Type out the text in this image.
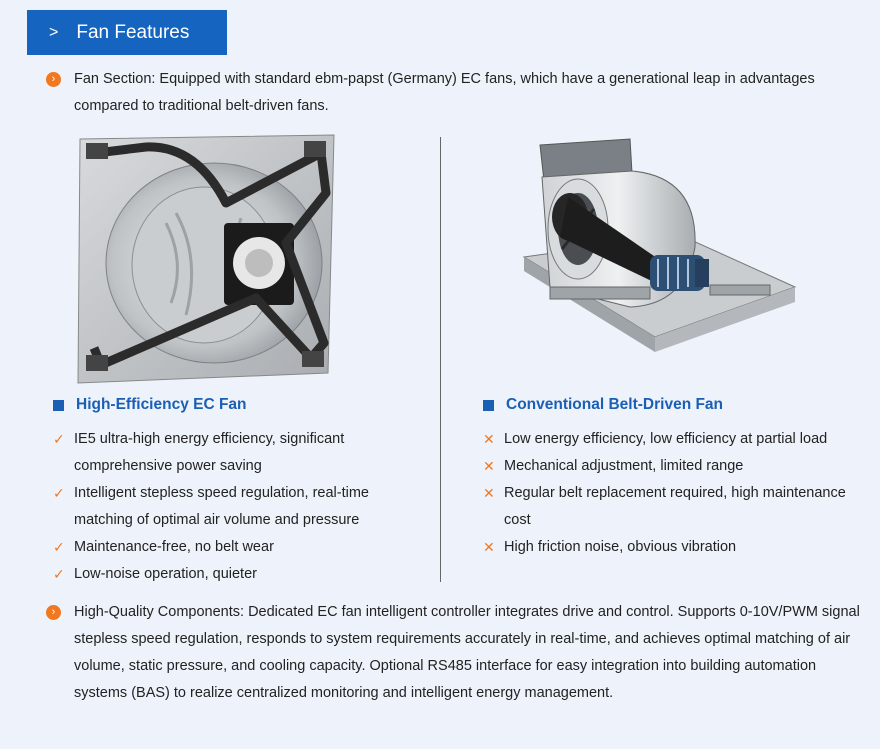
> Fan Features
›	Fan Section: Equipped with standard ebm-papst (Germany) EC fans, which have a generational leap in advantages compared to traditional belt-driven fans.
High-Efficiency EC Fan	Conventional Belt-Driven Fan
✓ IE5 ultra-high energy efficiency, significant comprehensive power saving
✓ Intelligent stepless speed regulation, real-time matching of optimal air volume and pressure
✓ Maintenance-free, no belt wear
✓ Low-noise operation, quieter
✕ Low energy efficiency, low efficiency at partial load
✕ Mechanical adjustment, limited range
✕ Regular belt replacement required, high maintenance cost
✕ High friction noise, obvious vibration
›	High-Quality Components: Dedicated EC fan intelligent controller integrates drive and control. Supports 0-10V/PWM signal stepless speed regulation, responds to system requirements accurately in real-time, and achieves optimal matching of air volume, static pressure, and cooling capacity. Optional RS485 interface for easy integration into building automation systems (BAS) to realize centralized monitoring and intelligent energy management.
